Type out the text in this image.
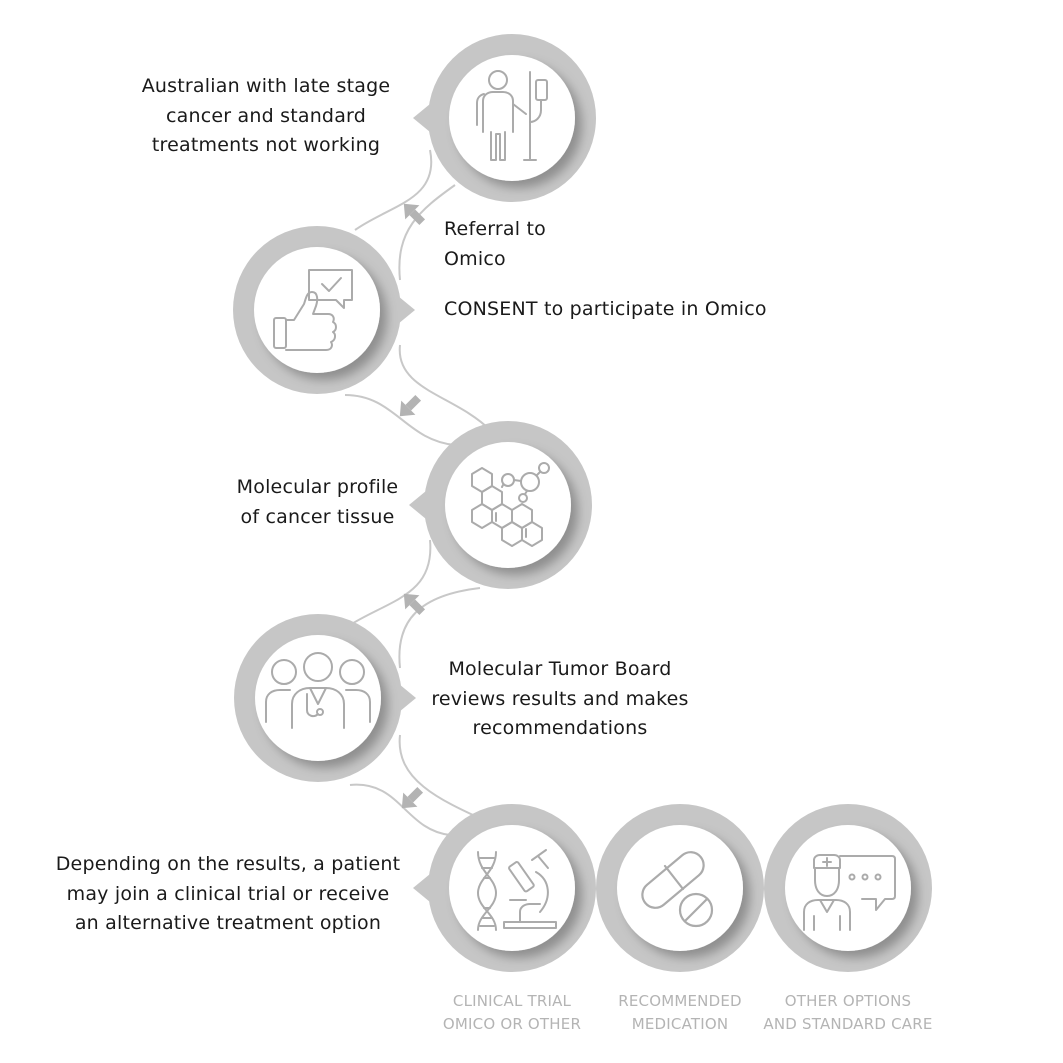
Australian with late stage
cancer and standard
treatments not working
Referral to
Omico
CONSENT to participate in Omico
Molecular profile
of cancer tissue
Molecular Tumor Board
reviews results and makes
recommendations
Depending on the results, a patient
may join a clinical trial or receive
an alternative treatment option
CLINICAL TRIAL
OMICO OR OTHER
RECOMMENDED
MEDICATION
OTHER OPTIONS
AND STANDARD CARE
